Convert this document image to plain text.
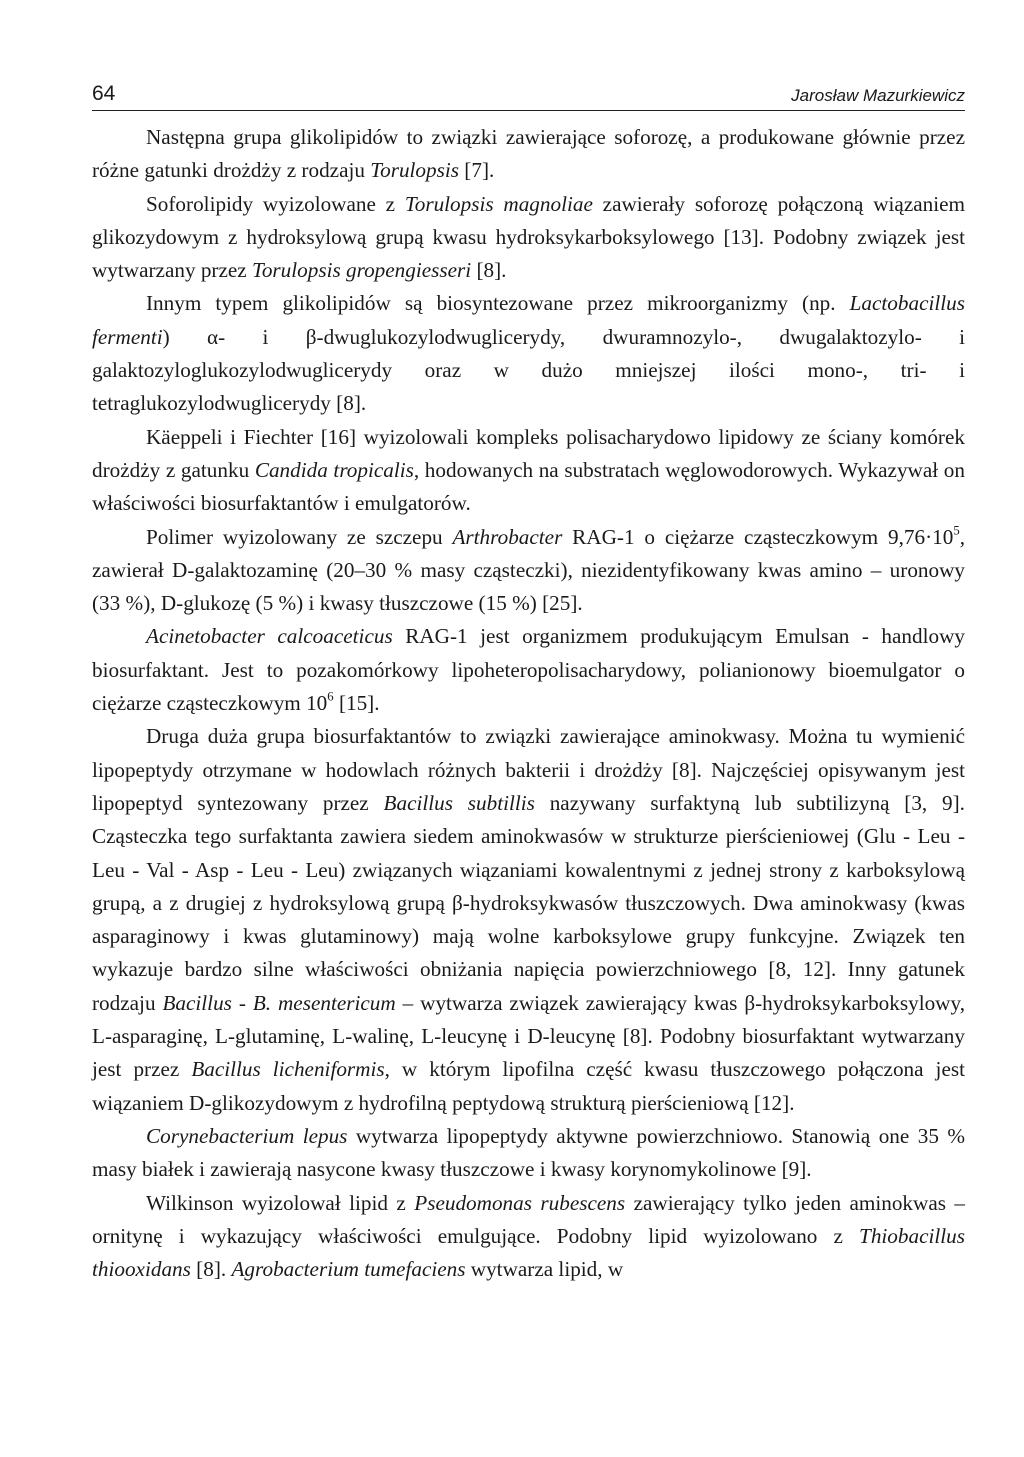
64	Jarosław Mazurkiewicz

Następna grupa glikolipidów to związki zawierające soforozę, a produkowane głównie przez różne gatunki drożdży z rodzaju Torulopsis [7].

Soforolipidy wyizolowane z Torulopsis magnoliae zawierały soforozę połączoną wiązaniem glikozydowym z hydroksylową grupą kwasu hydroksykarboksylowego [13]. Podobny związek jest wytwarzany przez Torulopsis gropengiesseri [8].

Innym typem glikolipidów są biosyntezowane przez mikroorganizmy (np. Lactobacillus fermenti) α- i β-dwuglukozylodwuglicerydy, dwuramnozylo-, dwugalaktozylo- i galaktozyloglukozylodwuglicerydy oraz w dużo mniejszej ilości mono-, tri- i tetraglukozylodwuglicerydy [8].

Käeppeli i Fiechter [16] wyizolowali kompleks polisacharydowo lipidowy ze ściany komórek drożdży z gatunku Candida tropicalis, hodowanych na substratach węglowodorowych. Wykazywał on właściwości biosurfaktantów i emulgatorów.

Polimer wyizolowany ze szczepu Arthrobacter RAG-1 o ciężarze cząsteczkowym $9,76\cdot 10^5$, zawierał D-galaktozaminę (20–30 % masy cząsteczki), niezidentyfikowany kwas amino – uronowy (33 %), D-glukozę (5 %) i kwasy tłuszczowe (15 %) [25].

Acinetobacter calcoaceticus RAG-1 jest organizmem produkującym Emulsan - handlowy biosurfaktant. Jest to pozakomórkowy lipoheteropolisacharydowy, polianionowy bioemulgator o ciężarze cząsteczkowym $10^6$ [15].

Druga duża grupa biosurfaktantów to związki zawierające aminokwasy. Można tu wymienić lipopeptydy otrzymane w hodowlach różnych bakterii i drożdży [8]. Najczęściej opisywanym jest lipopeptyd syntezowany przez Bacillus subtillis nazywany surfaktyną lub subtilizyną [3, 9]. Cząsteczka tego surfaktanta zawiera siedem aminokwasów w strukturze pierścieniowej (Glu - Leu - Leu - Val - Asp - Leu - Leu) związanych wiązaniami kowalentnymi z jednej strony z karboksylową grupą, a z drugiej z hydroksylową grupą β-hydroksykwasów tłuszczowych. Dwa aminokwasy (kwas asparaginowy i kwas glutaminowy) mają wolne karboksylowe grupy funkcyjne. Związek ten wykazuje bardzo silne właściwości obniżania napięcia powierzchniowego [8, 12]. Inny gatunek rodzaju Bacillus - B. mesentericum – wytwarza związek zawierający kwas β-hydroksykarboksylowy, L-asparaginę, L-glutaminę, L-walinę, L-leucynę i D-leucynę [8]. Podobny biosurfaktant wytwarzany jest przez Bacillus licheniformis, w którym lipofilna część kwasu tłuszczowego połączona jest wiązaniem D-glikozydowym z hydrofilną peptydową strukturą pierścieniową [12].

Corynebacterium lepus wytwarza lipopeptydy aktywne powierzchniowo. Stanowią one 35 % masy białek i zawierają nasycone kwasy tłuszczowe i kwasy korynomykolinowe [9].

Wilkinson wyizolował lipid z Pseudomonas rubescens zawierający tylko jeden aminokwas – ornitynę i wykazujący właściwości emulgujące. Podobny lipid wyizolowano z Thiobacillus thiooxidans [8]. Agrobacterium tumefaciens wytwarza lipid, w
